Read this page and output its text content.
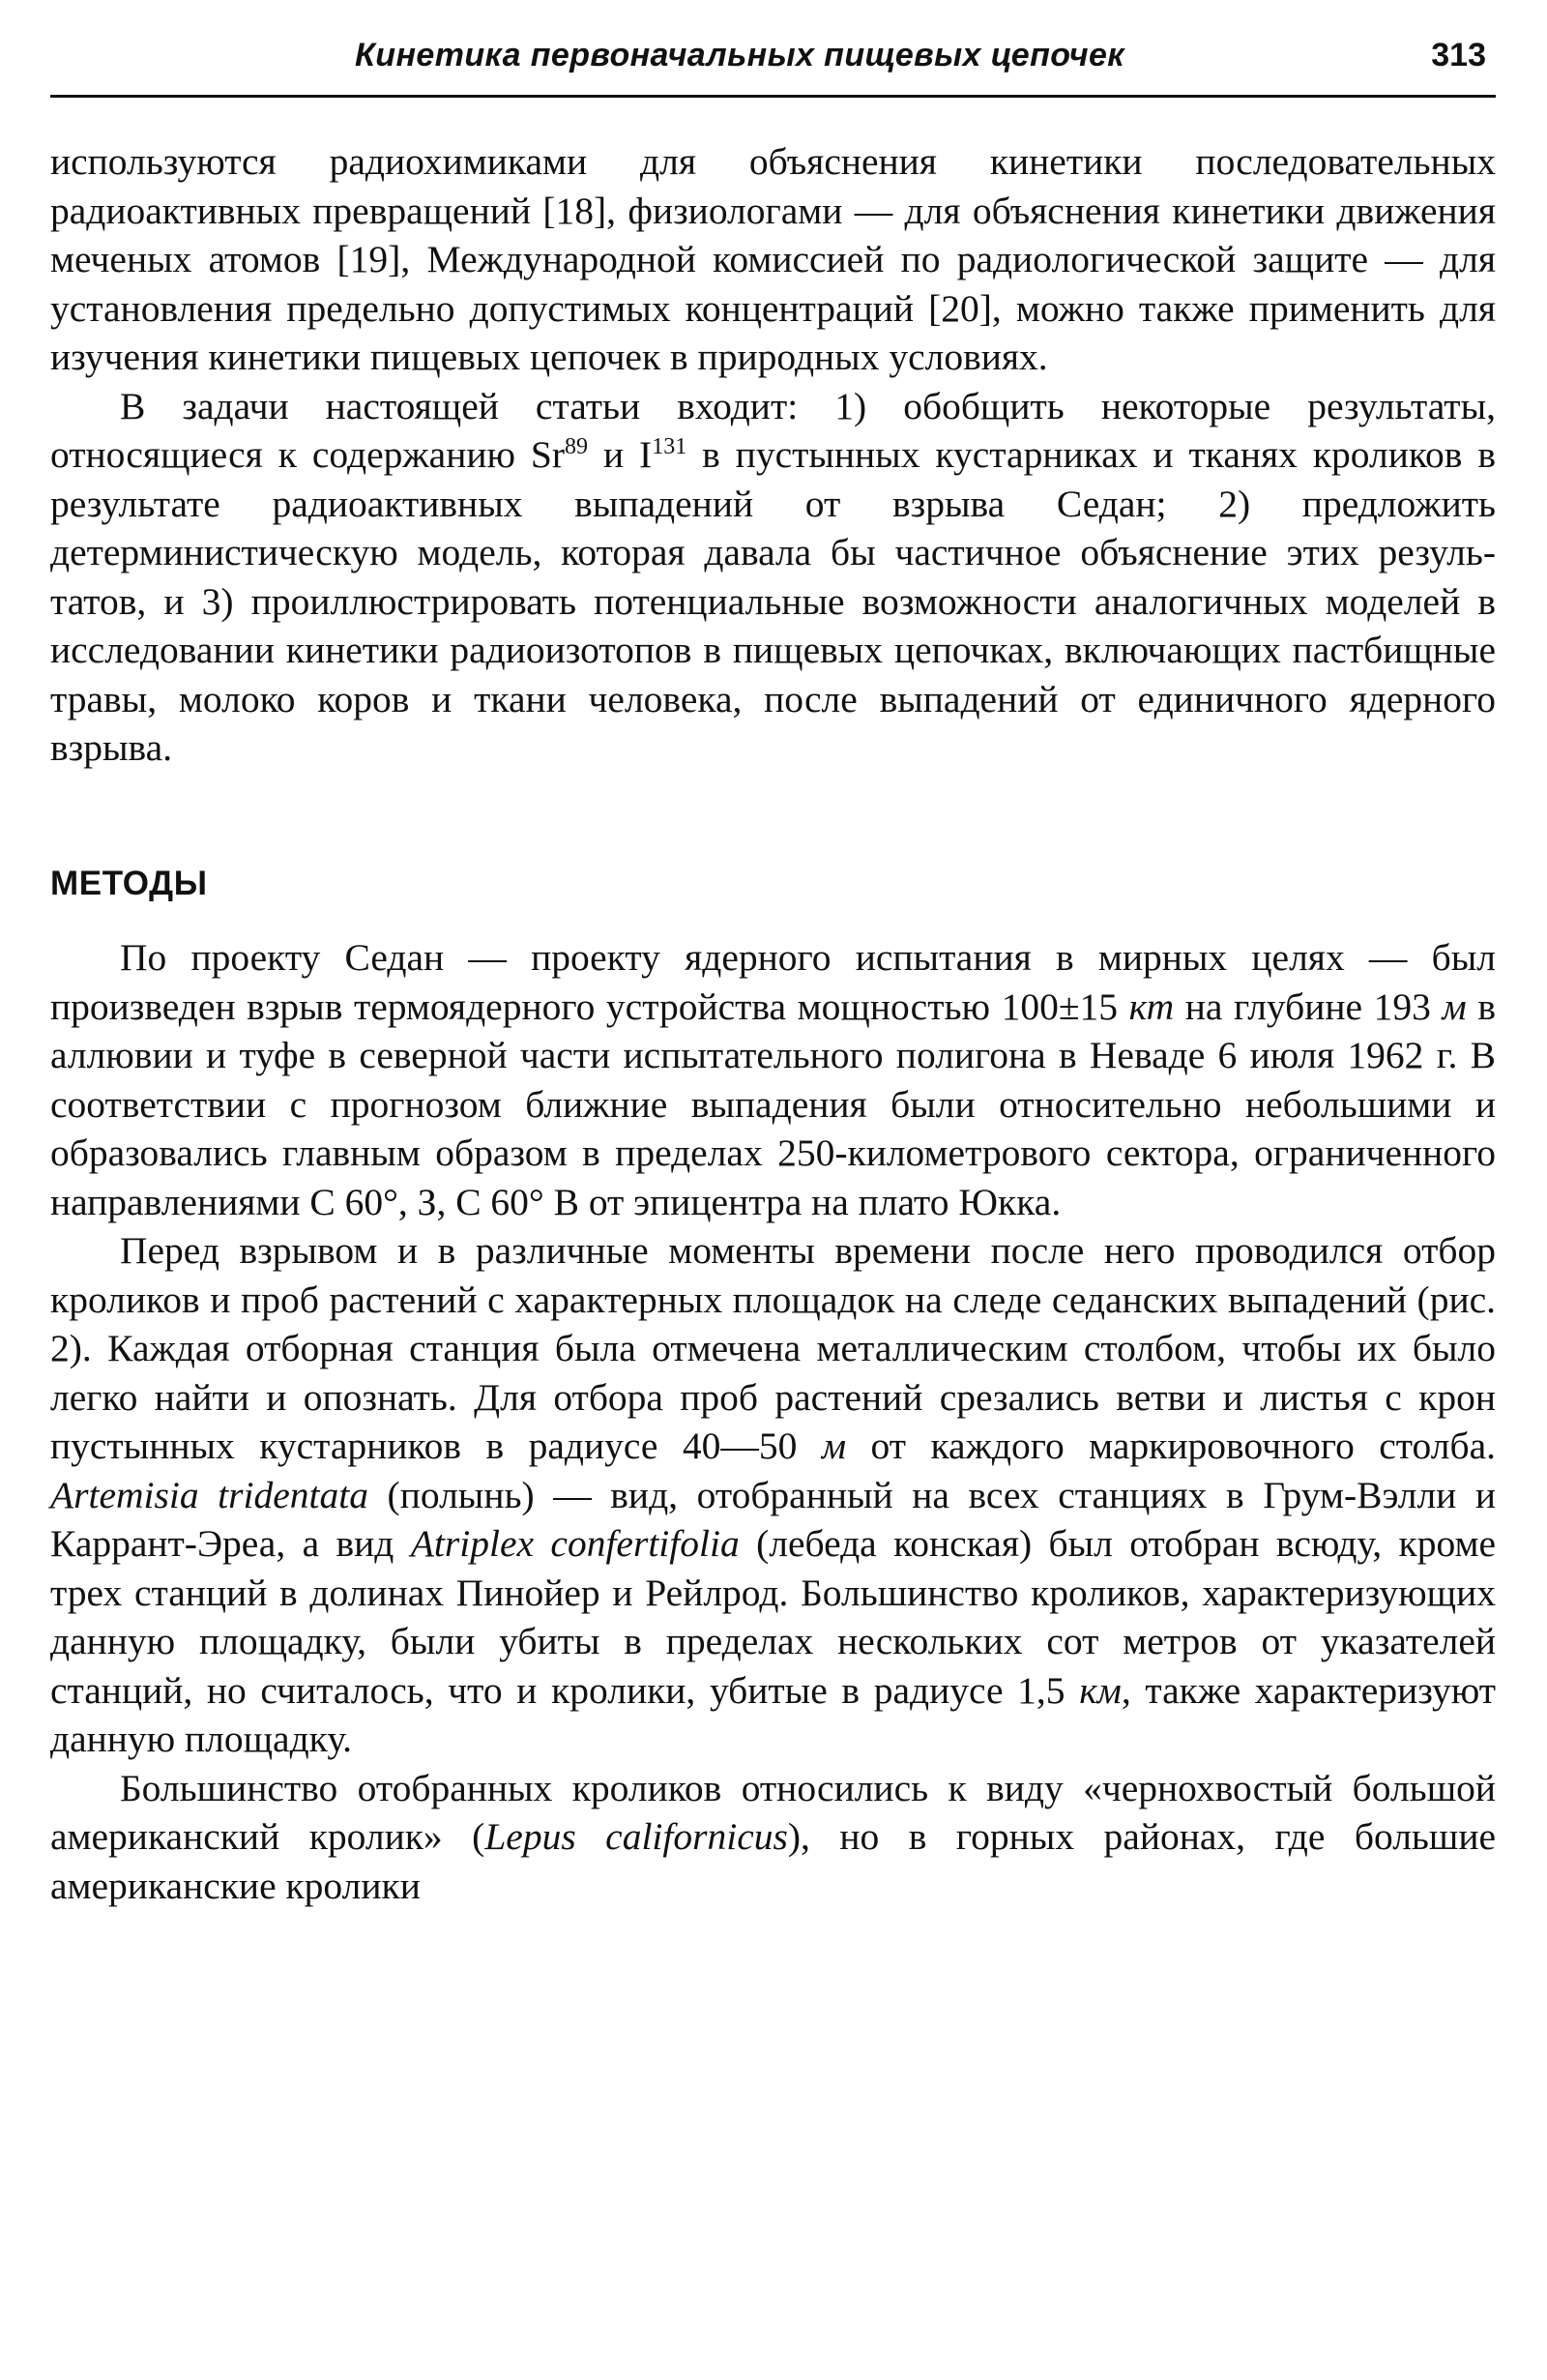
Кинетика первоначальных пищевых цепочек	313

используются радиохимиками для объяснения кинетики последовательных радиоактивных превращений [18], физиологами — для объяснения кинетики движения меченых атомов [19], Международной комиссией по радиологической защите — для установления предельно допустимых концентраций [20], можно также применить для изучения кинетики пищевых цепочек в природных условиях.

В задачи настоящей статьи входит: 1) обобщить некоторые результаты, относящиеся к содержанию Sr$^{89}$ и $I^{131}$ в пустынных кустарниках и тканях кроликов в результате радиоактивных выпадений от взрыва Седан; 2) предложить детерминистическую модель, которая давала бы частичное объяснение этих результатов, и 3) проиллюстрировать потенциальные возможности аналогичных моделей в исследовании кинетики радиоизотопов в пищевых цепочках, включающих пастбищные травы, молоко коров и ткани человека, после выпадений от единичного ядерного взрыва.

МЕТОДЫ

По проекту Седан — проекту ядерного испытания в мирных целях — был произведен взрыв термоядерного устройства мощностью 100±15 кт на глубине 193 м в аллювии и туфе в северной части испытательного полигона в Неваде 6 июля 1962 г. В соответствии с прогнозом ближние выпадения были относительно небольшими и образовались главным образом в пределах 250-километрового сектора, ограниченного направлениями С 60°, З, С 60° В от эпицентра на плато Юкка.

Перед взрывом и в различные моменты времени после него проводился отбор кроликов и проб растений с характерных площадок на следе седанских выпадений (рис. 2). Каждая отборная станция была отмечена металлическим столбом, чтобы их было легко найти и опознать. Для отбора проб растений срезались ветви и листья с крон пустынных кустарников в радиусе 40—50 м от каждого маркировочного столба. Artemisia tridentata (полынь) — вид, отобранный на всех станциях в Грум-Вэлли и Каррант-Эреа, а вид Atriplex confertifolia (лебеда конская) был отобран всюду, кроме трех станций в долинах Пинойер и Рейлрод. Большинство кроликов, характеризующих данную площадку, были убиты в пределах нескольких сот метров от указателей станций, но считалось, что и кролики, убитые в радиусе 1,5 км, также характеризуют данную площадку.

Большинство отобранных кроликов относились к виду «чернохвостый большой американский кролик» (Lepus californicus), но в горных районах, где большие американские кролики
